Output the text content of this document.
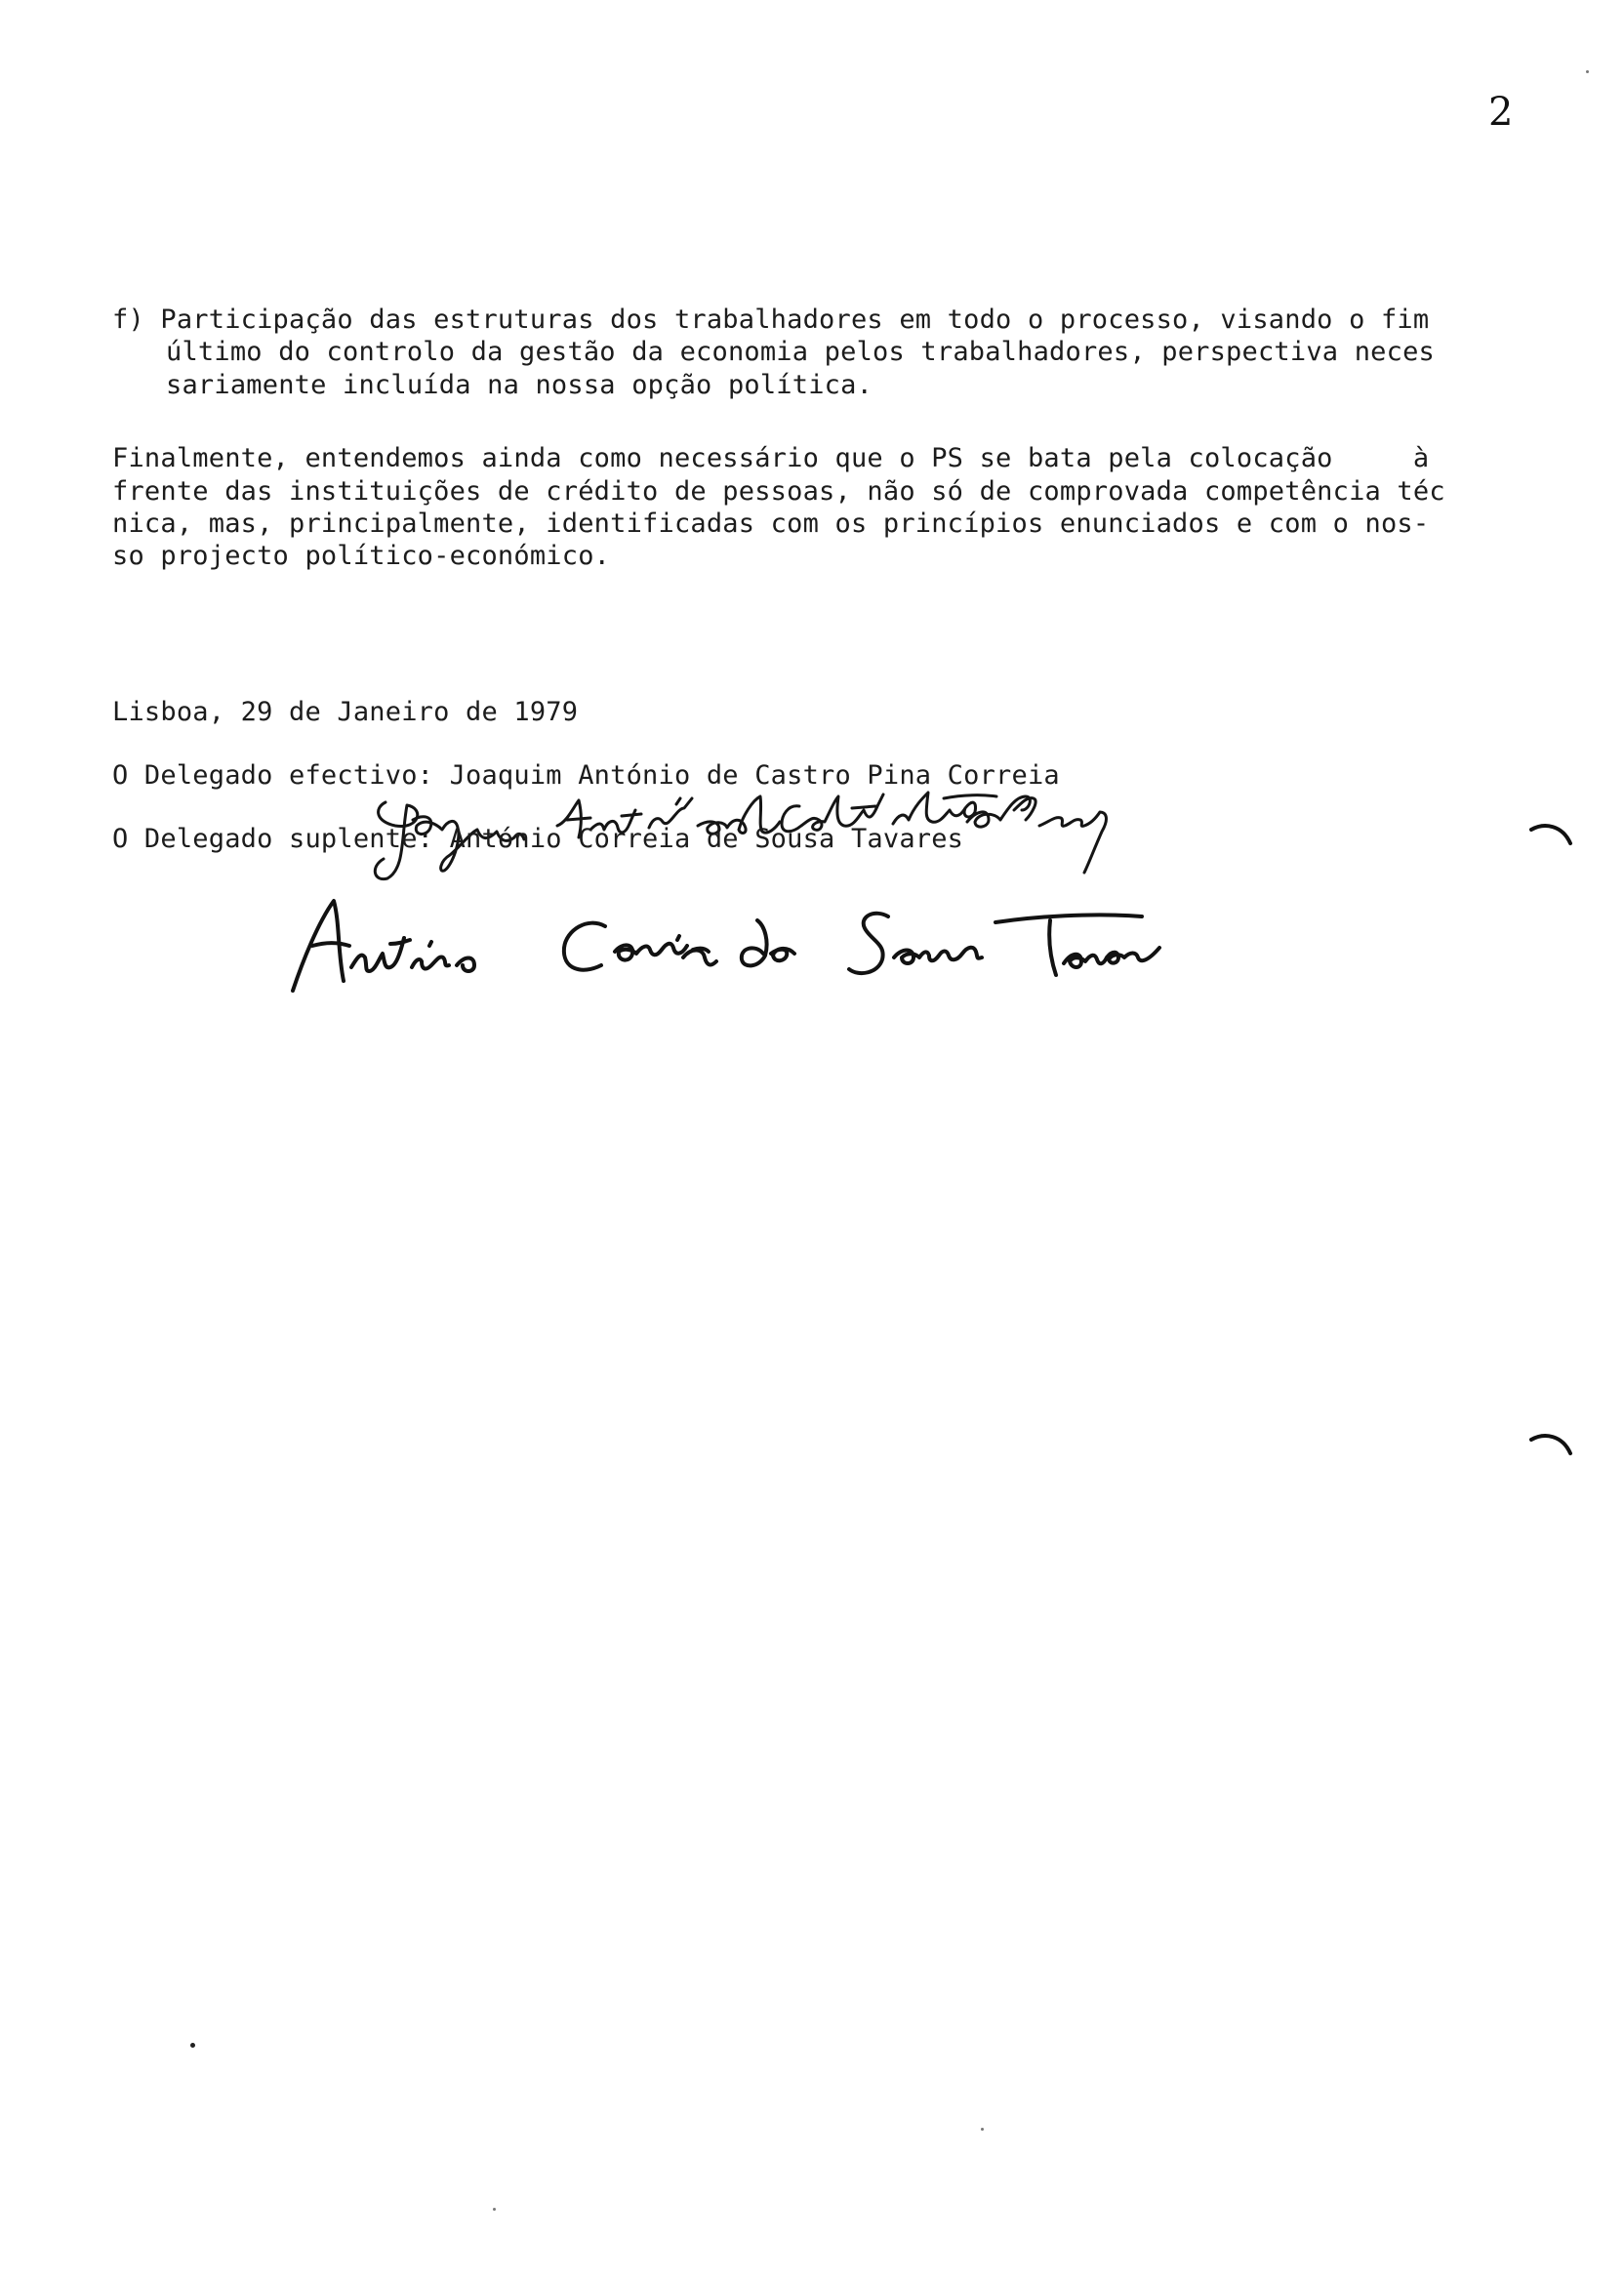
2
f) Participação das estruturas dos trabalhadores em todo o processo, visando o fim
último do controlo da gestão da economia pelos trabalhadores, perspectiva neces
sariamente incluída na nossa opção política.
Finalmente, entendemos ainda como necessário que o PS se bata pela colocação     à
frente das instituições de crédito de pessoas, não só de comprovada competência téc
nica, mas, principalmente, identificadas com os princípios enunciados e com o nos-
so projecto político-económico.
Lisboa, 29 de Janeiro de 1979
O Delegado efectivo: Joaquim António de Castro Pina Correia
O Delegado suplente: António Correia de Sousa Tavares
